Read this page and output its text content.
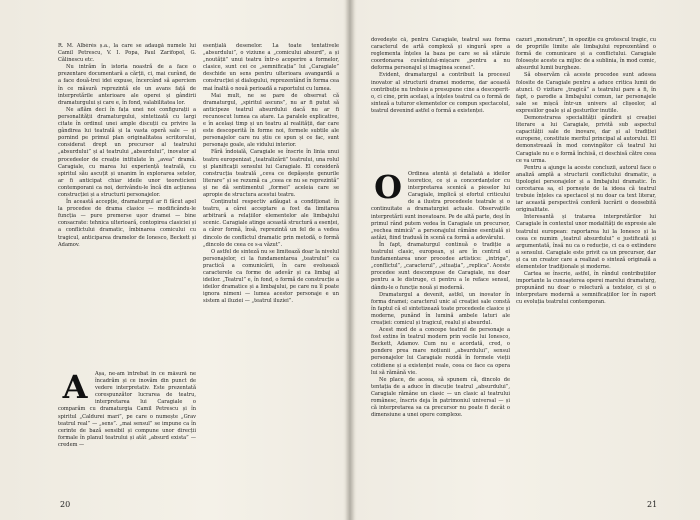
R. M. Albérès ș.a., la care se adaugă numele lui Camil Petrescu, V. I. Popa, Paul Zarifopol, G. Călinescu etc.

Nu intrăm în istoria noastră de a face o prezentare documentară a cărții, ci, mai curând, de a face două-trei idei expuse, încercând să aperciem în ce măsură reprezintă ele un avans față de interpretările anterioare ale operei și gândirii dramaturgului și care e, în fond, valabilitatea lor.

Ne aflăm deci în fața unei noi configurații a personalității dramaturgului, sintetizată cu largi citate în ordinul unei ample discuții cu privire la gândirea lui teatrală și la vasta operă sale — și pornind pe primul plan originalitatea scriitorului, considerat drept un precursor al teatrului „absurdului” și al teatrului „absurdului”, inovator al procedeelor de creație intitulate în „avea” dramă. Caragiale, cu marea lui experiență teatrală, cu spiritul său ascuțit și unanim în explorarea setelor, ar fi anticipat chiar ideile unor teoreticieni contemporani ca noi, derivându-le încă din acțiunea construcției și a structurii personajelor.

În această accepție, dramaturgul ar fi făcut apel la procedee de drama clasice — modificându-le funcția — pure premerse ușor dramei — bine consacrate: tehnica ulterioară, contopirea clasiciei și a conflictului dramatic, îmbinarea comicului cu tragicul, anticiparea dramelor de Ionesco, Beckett și Adamov.

A	Așa, ne-am întrebat în ce măsură ne încadrăm și ce inovăm din punct de vedere interpretativ. Este prezentată corespunzător lucrarea de teatru, interpretarea lui Caragiale o comparăm cu dramaturgia Camil Petrescu și în spiritul „Caldurei mari”, pe care o numește „Grav teatrul real” — „sens”. „mai sensul” se impune ca în cerinte de bază sensibil și compune unor direcții formale în planul teatrului și atât „absurd exista” — credem —

esențială desenelor. La toate tentativele „absurdului”, o viziune a „comicului absurd”, a și „noutății” unui teatru într-o acoperire a formelor, clasice, sunt cei ce „semnificația” lui „Caragiale” deschide un sens pentru ulterioara avangardă a construcției și dialogului, reprezentând în forma cea mai înaltă o nouă perioadă a raportului cu lumea.

Mai mult, ne se pare de observat că dramaturgul, „spiritul ascuns”, nu ar fi putut să anticipeze teatrul absurdului dacă nu ar fi recunoscut lumea ca atare. La paralele explicative, e în același timp și un teatru al realității, dar care este descoperită în forme noi, formele subtile ale personajelor care nu știu ce spun și ce fac, sunt personaje goale, ale vidului interior.

Fără îndoială, Caragiale se înscrie în linia unui teatru europenizat „teatralizării” teatrului, una rolul și planificaţii sensului lui Caragiale. El consideră construcția teatrală „ceva ce depășește genurile literare” și se rezumă ca „ceea ce nu se reprezintă” și ne dă sentimentul „formei” aceleia care se apropie de structura acestui teatru.

Conținutul respectiv adăugat a condiționat în teatru, a cărei acceptare a fost da limitarea arbitrară a relațiilor elementelor ale limbajului scenic. Caragiale atinge această structură a esenței, a căror formă, însă, reprezintă un fel de a vedea dincolo de conflictul dramatic prin metodă, o formă „dincolo de ceea ce s-a văzut”.

O astfel de sinteză nu se limitează doar la nivelul personajelor, ci la fundamentarea „teatrului” ca practică a comunicării, în care evoluează caracterele ca forme de adevăr și ca limbaj al ideilor. „Teatrul” e, în fond, o formă de construcție a ideilor dramatice și a limbajului, pe care nu îl poate ignora nimeni — lumea acestor personaje e un sistem al iluziei — „teatrul iluziei”.

20

dovedește că, pentru Caragiale, teatrul sau forma caracterul de artă complexă și singură spre a reglementa înțeles la baza pe care se să stăruie coordonarea cuvântului-mișcare „pentru a nu deforma personajul și imaginea scenei”.

Evident, dramaturgul a contribuit la procesul inovator al structurii dramei moderne, dar această contribuție nu trebuie a presupune cine a descoperit-o, ci cine, prin același, a înțeles teatrul ca o formă de sinteză a tuturor elementelor ce compun spectacolul, teatrul devenind astfel o formă a existenței.

O	Ordinea atentă și detaliată a ideilor teoretice, ce și a concordanțelor cu interpretarea scenică a pieselor lui Caragiale, implică și efortul criticului de a ilustra procedeele teatrale și o continuitate a dramaturgiei actuale. Observațiile interpretării sunt inovatoare. Pe de altă parte, deși în primul rând putem vedea în Caragiale un precursor, „vechea mimică” a personajului rămâne esențială și astăzi, fiind tradusă în scenă ca formă a adevărului.

În fapt, dramaturgul continuă o tradiție a teatrului clasic, european, și are în centrul ei fundamentarea unor procedee artistice: „intriga”, „conflictul”, „caracterul”, „situația”, „replica”. Aceste procedee sunt descompuse de Caragiale, nu doar pentru a le distruge, ci pentru a le reface sensul, dându-le o funcție nouă și modernă.

Dramaturgul a devenit, astfel, un inovator în forma dramei; caracterul unic al creației sale constă în faptul că el sintetizează toate procedeele clasice și moderne, punând în lumină ambele laturi ale creației: comicul și tragicul, realul și absurdul.

Acest mod de a concepe teatrul de personaje a fost extins în teatrul modern prin vocile lui Ionesco, Beckett, Adamov. Cum nu e acordată, cred, o pondere prea mare noțiunii „absurdului”, sensul personajelor lui Caragiale rezidă în formele vieții cotidiene și a existenței reale, ceea ce face ca opera lui să rămână vie.

Ne place, de aceea, să spunem că, dincolo de tentația de a aduce în discuție teatrul „absurdului”, Caragiale rămâne un clasic — un clasic al teatrului românesc, înscris deja în patrimoniul universal — și că interpretarea sa ca precursor nu poate fi decât o dimensiune a unei opere complexe.

cazuri „monstrum”, în opoziție cu grotescul tragic, cu de propriile limite ale limbajului reprezentând o formă de comunicare și a conflictului. Caragiale folosește aceste ca mijloc de a sublinia, în mod comic, absurdul lumii burgheze.

Să observăm că aceste procedee sunt adesea folosite de Caragiale pentru a aduce critica lumii de atunci. O vizitare „tragică” a teatrului pare a fi, în fapt, o parodie a limbajului comun, iar personajele sale se mișcă într-un univers al clișeelor, al expresiilor goale și al gesturilor inutile.

Demonstrarea specialității gândirii și creației literare a lui Caragiale, privită sub aspectul capacității sale de inovare, dar și al tradiției europene, constituie meritul principal al autorului. El demonstrează în mod convingător că teatrul lui Caragiale nu e o formă închisă, ci deschisă către ceea ce va urma.

Pentru a ajunge la aceste concluzii, autorul face o analiză amplă a structurii conflictului dramatic, a tipologiei personajelor și a limbajului dramatic. În cercetarea sa, el pornește de la ideea că teatrul trebuie înțeles ca spectacol și nu doar ca text literar, iar această perspectivă conferă lucrării o deosebită originalitate.

Interesantă și tratarea interpretărilor lui Caragiale în contextul unor modalități de expresie ale teatrului european: raportarea lui la Ionesco și la ceea ce numim „teatrul absurdului” e justificată și argumentată, însă nu ca o reducție, ci ca o extindere a sensului. Caragiale este privit ca un precursor, dar și ca un creator care a realizat o sinteză originală a elementelor tradiționale și moderne.

Cartea se înscrie, astfel, în rândul contribuțiilor importante la cunoașterea operei marelui dramaturg, propunând nu doar o relectură a textelor, ci și o interpretare modernă a semnificațiilor lor în raport cu evoluția teatrului contemporan.

21
